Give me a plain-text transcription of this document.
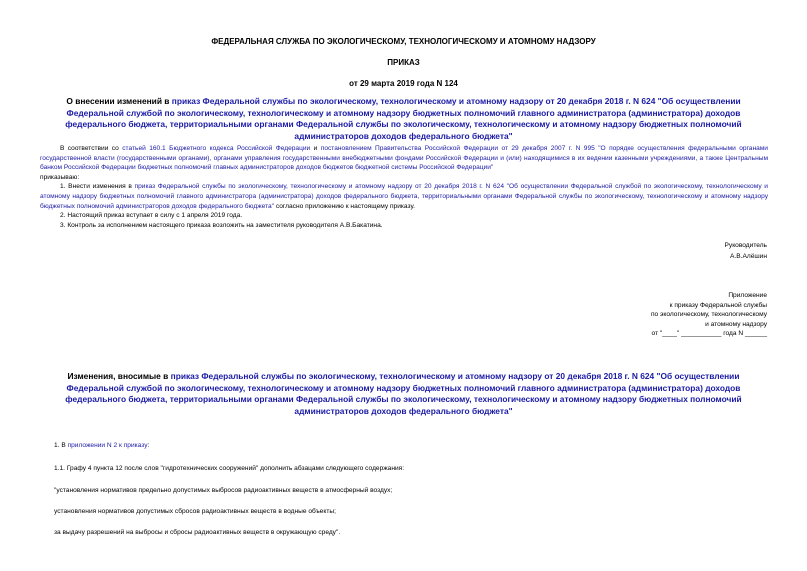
ФЕДЕРАЛЬНАЯ СЛУЖБА ПО ЭКОЛОГИЧЕСКОМУ, ТЕХНОЛОГИЧЕСКОМУ И АТОМНОМУ НАДЗОРУ
ПРИКАЗ
от 29 марта 2019 года N 124
О внесении изменений в приказ Федеральной службы по экологическому, технологическому и атомному надзору от 20 декабря 2018 г. N 624 "Об осуществлении Федеральной службой по экологическому, технологическому и атомному надзору бюджетных полномочий главного администратора (администратора) доходов федерального бюджета, территориальными органами Федеральной службы по экологическому, технологическому и атомному надзору бюджетных полномочий администраторов доходов федерального бюджета"

В соответствии со статьей 160.1 Бюджетного кодекса Российской Федерации и постановлением Правительства Российской Федерации от 29 декабря 2007 г. N 995 "О порядке осуществления федеральными органами государственной власти (государственными органами), органами управления государственными внебюджетными фондами Российской Федерации и (или) находящимися в их ведении казенными учреждениями, а также Центральным банком Российской Федерации бюджетных полномочий главных администраторов доходов бюджетов бюджетной системы Российской Федерации"

приказываю:

1. Внести изменения в приказ Федеральной службы по экологическому, технологическому и атомному надзору от 20 декабря 2018 г. N 624 "Об осуществлении Федеральной службой по экологическому, технологическому и атомному надзору бюджетных полномочий главного администратора (администратора) доходов федерального бюджета, территориальными органами Федеральной службы по экологическому, технологическому и атомному надзору бюджетных полномочий администраторов доходов федерального бюджета" согласно приложению к настоящему приказу.

2. Настоящий приказ вступает в силу с 1 апреля 2019 года.

3. Контроль за исполнением настоящего приказа возложить на заместителя руководителя А.В.Бакатина.

Руководитель
А.В.Алёшин
Приложение
к приказу Федеральной службы
по экологическому, технологическому
и атомному надзору
от "____" ___________ года N ______
Изменения, вносимые в приказ Федеральной службы по экологическому, технологическому и атомному надзору от 20 декабря 2018 г. N 624 "Об осуществлении Федеральной службой по экологическому, технологическому и атомному надзору бюджетных полномочий главного администратора (администратора) доходов федерального бюджета, территориальными органами Федеральной службы по экологическому, технологическому и атомному надзору бюджетных полномочий администраторов доходов федерального бюджета"
1. В приложении N 2 к приказу:
1.1. Графу 4 пункта 12 после слов "гидротехнических сооружений" дополнить абзацами следующего содержания:
"установления нормативов предельно допустимых выбросов радиоактивных веществ в атмосферный воздух;
установления нормативов допустимых сбросов радиоактивных веществ в водные объекты;
за выдачу разрешений на выбросы и сбросы радиоактивных веществ в окружающую среду".
